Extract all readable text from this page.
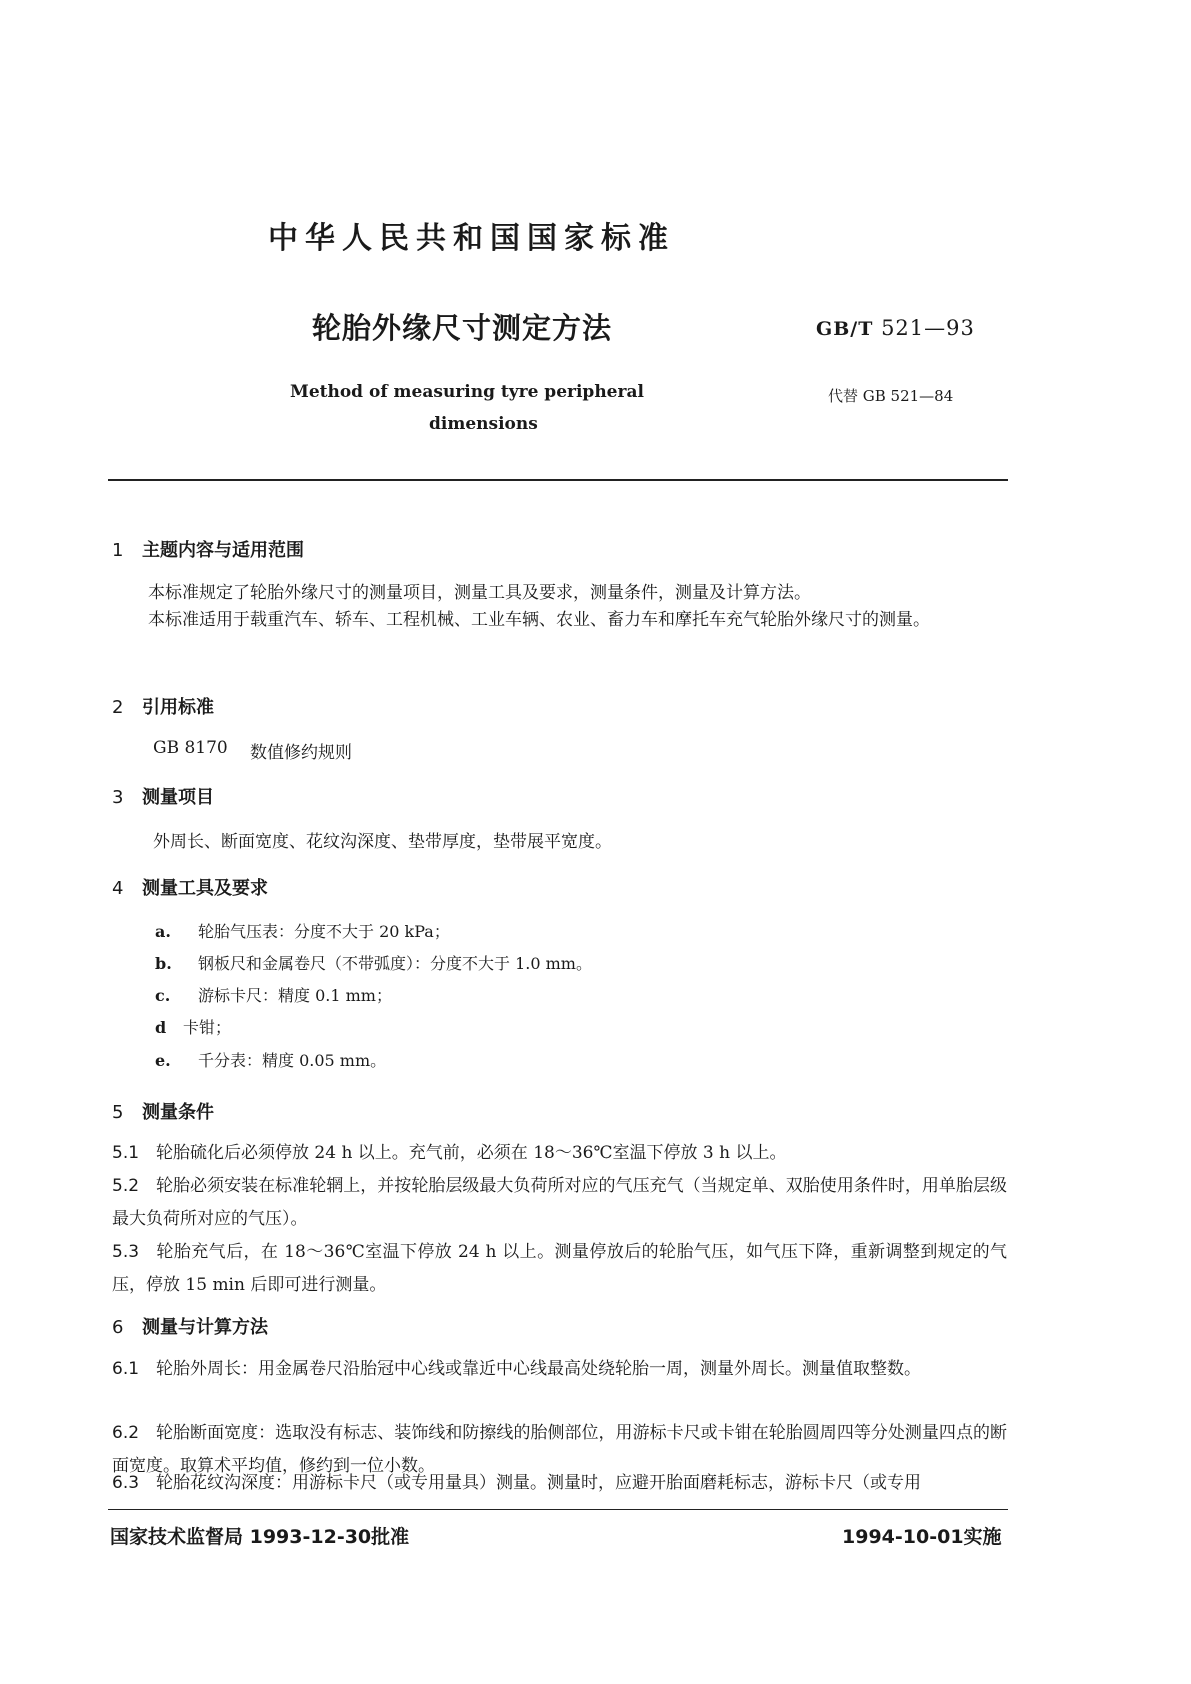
中华人民共和国国家标准
轮胎外缘尺寸测定方法	GB/T 521—93
Method of measuring tyre peripheral
dimensions
代替 GB 521—84
1 主题内容与适用范围
本标准规定了轮胎外缘尺寸的测量项目，测量工具及要求，测量条件，测量及计算方法。
本标准适用于载重汽车、轿车、工程机械、工业车辆、农业、畜力车和摩托车充气轮胎外缘尺寸的测量。
2 引用标准
GB 8170 数值修约规则
3 测量项目
外周长、断面宽度、花纹沟深度、垫带厚度，垫带展平宽度。
4 测量工具及要求
a. 轮胎气压表：分度不大于 20 kPa；
b. 钢板尺和金属卷尺（不带弧度）：分度不大于 1.0 mm。
c. 游标卡尺：精度 0.1 mm；
d 卡钳；
e. 千分表：精度 0.05 mm。
5 测量条件
5.1 轮胎硫化后必须停放 24 h 以上。充气前，必须在 18～36℃室温下停放 3 h 以上。
5.2 轮胎必须安装在标准轮辋上，并按轮胎层级最大负荷所对应的气压充气（当规定单、双胎使用条件时，用单胎层级最大负荷所对应的气压）。
5.3 轮胎充气后，在 18～36℃室温下停放 24 h 以上。测量停放后的轮胎气压，如气压下降，重新调整到规定的气压，停放 15 min 后即可进行测量。
6 测量与计算方法
6.1 轮胎外周长：用金属卷尺沿胎冠中心线或靠近中心线最高处绕轮胎一周，测量外周长。测量值取整数。
6.2 轮胎断面宽度：选取没有标志、装饰线和防擦线的胎侧部位，用游标卡尺或卡钳在轮胎圆周四等分处测量四点的断面宽度。取算术平均值，修约到一位小数。
6.3 轮胎花纹沟深度：用游标卡尺（或专用量具）测量。测量时，应避开胎面磨耗标志，游标卡尺（或专用
国家技术监督局 1993-12-30批准	1994-10-01实施
